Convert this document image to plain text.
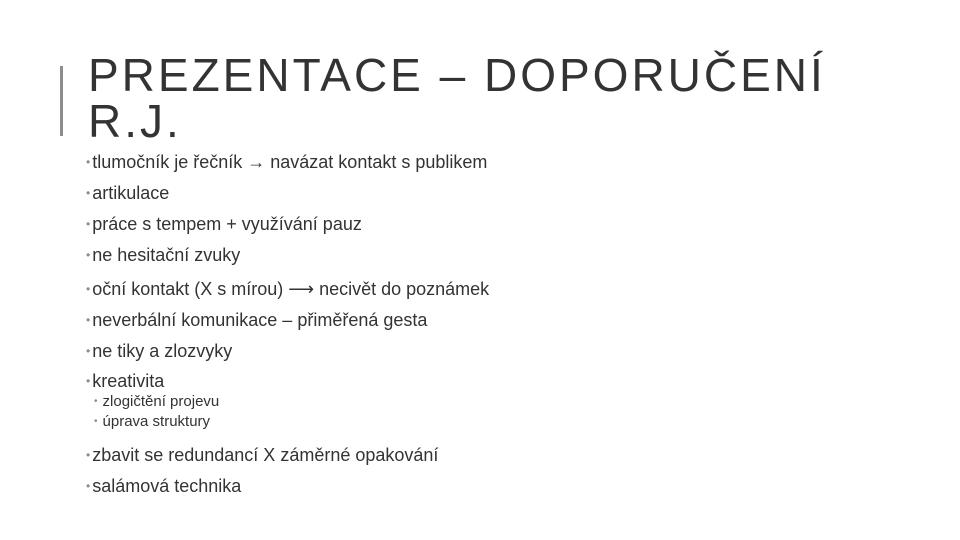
PREZENTACE – DOPORUČENÍ R.J.
• tlumočník je řečník → navázat kontakt s publikem
• artikulace
• práce s tempem + využívání pauz
• ne hesitační zvuky
• oční kontakt (X s mírou) ⟶ necivět do poznámek
• neverbální komunikace – přiměřená gesta
• ne tiky a zlozvyky
• kreativita
• zlogičtění projevu
• úprava struktury
• zbavit se redundancí X záměrné opakování
• salámová technika
